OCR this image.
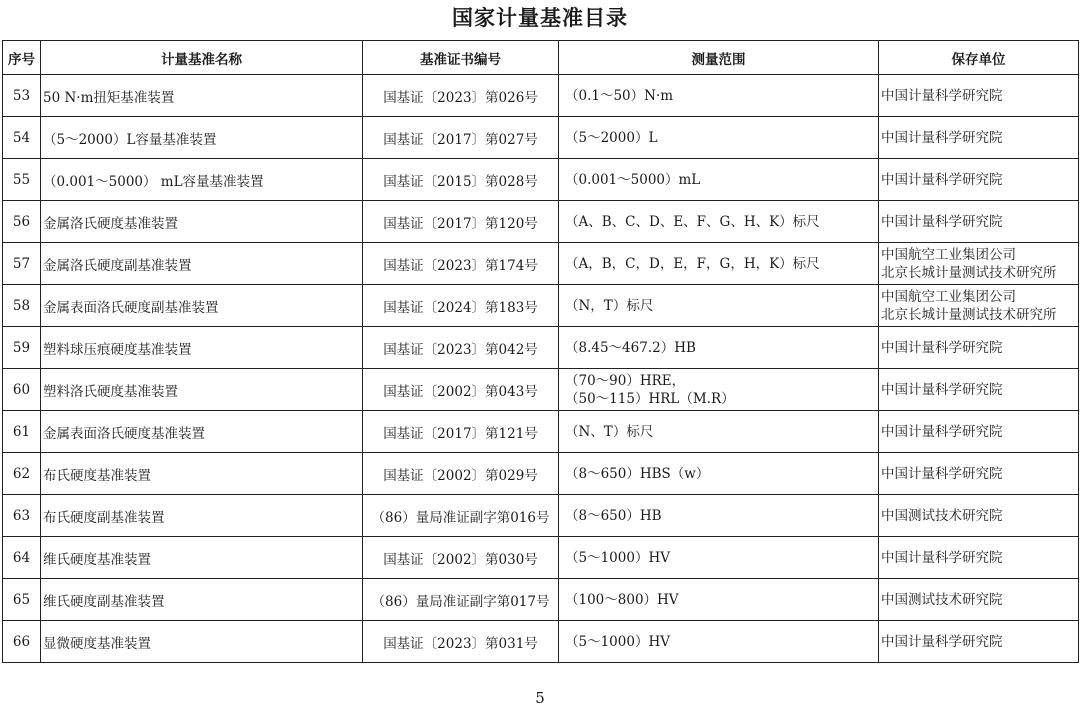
国家计量基准目录
序号	计量基准名称	基准证书编号	测量范围	保存单位
53	50 N·m扭矩基准装置	国基证〔2023〕第026号	（0.1～50）N·m	中国计量科学研究院

54	（5～2000）L容量基准装置	国基证〔2017〕第027号	（5～2000）L	中国计量科学研究院

55	（0.001～5000） mL容量基准装置	国基证〔2015〕第028号	（0.001～5000）mL	中国计量科学研究院

56	金属洛氏硬度基准装置	国基证〔2017〕第120号	（A、B、C、D、E、F、G、H、K）标尺	中国计量科学研究院

57	金属洛氏硬度副基准装置	国基证〔2023〕第174号	（A，B，C，D，E，F，G，H，K）标尺	中国航空工业集团公司
北京长城计量测试技术研究所

58	金属表面洛氏硬度副基准装置	国基证〔2024〕第183号	（N，T）标尺	中国航空工业集团公司
北京长城计量测试技术研究所

59	塑料球压痕硬度基准装置	国基证〔2023〕第042号	（8.45～467.2）HB	中国计量科学研究院

60	塑料洛氏硬度基准装置	国基证〔2002〕第043号	（70～90）HRE，
（50～115）HRL（M.R）	中国计量科学研究院

61	金属表面洛氏硬度基准装置	国基证〔2017〕第121号	（N、T）标尺	中国计量科学研究院

62	布氏硬度基准装置	国基证〔2002〕第029号	（8～650）HBS（w）	中国计量科学研究院

63	布氏硬度副基准装置	（86）量局准证副字第016号	（8～650）HB	中国测试技术研究院

64	维氏硬度基准装置	国基证〔2002〕第030号	（5～1000）HV	中国计量科学研究院

65	维氏硬度副基准装置	（86）量局准证副字第017号	（100～800）HV	中国测试技术研究院

66	显微硬度基准装置	国基证〔2023〕第031号	（5～1000）HV	中国计量科学研究院
5
